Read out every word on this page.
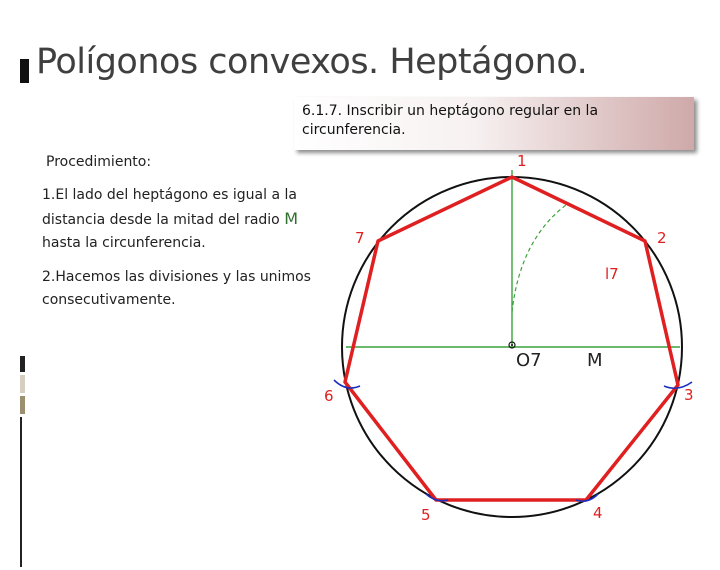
Polígonos convexos. Heptágono.
6.1.7. Inscribir un heptágono regular en la circunferencia.
Procedimiento:
1.El lado del heptágono es igual a la distancia desde la mitad del radio M hasta la circunferencia.
2.Hacemos las divisiones y las unimos consecutivamente.
1
2
3
4
5
6
7
l7
O7	M
